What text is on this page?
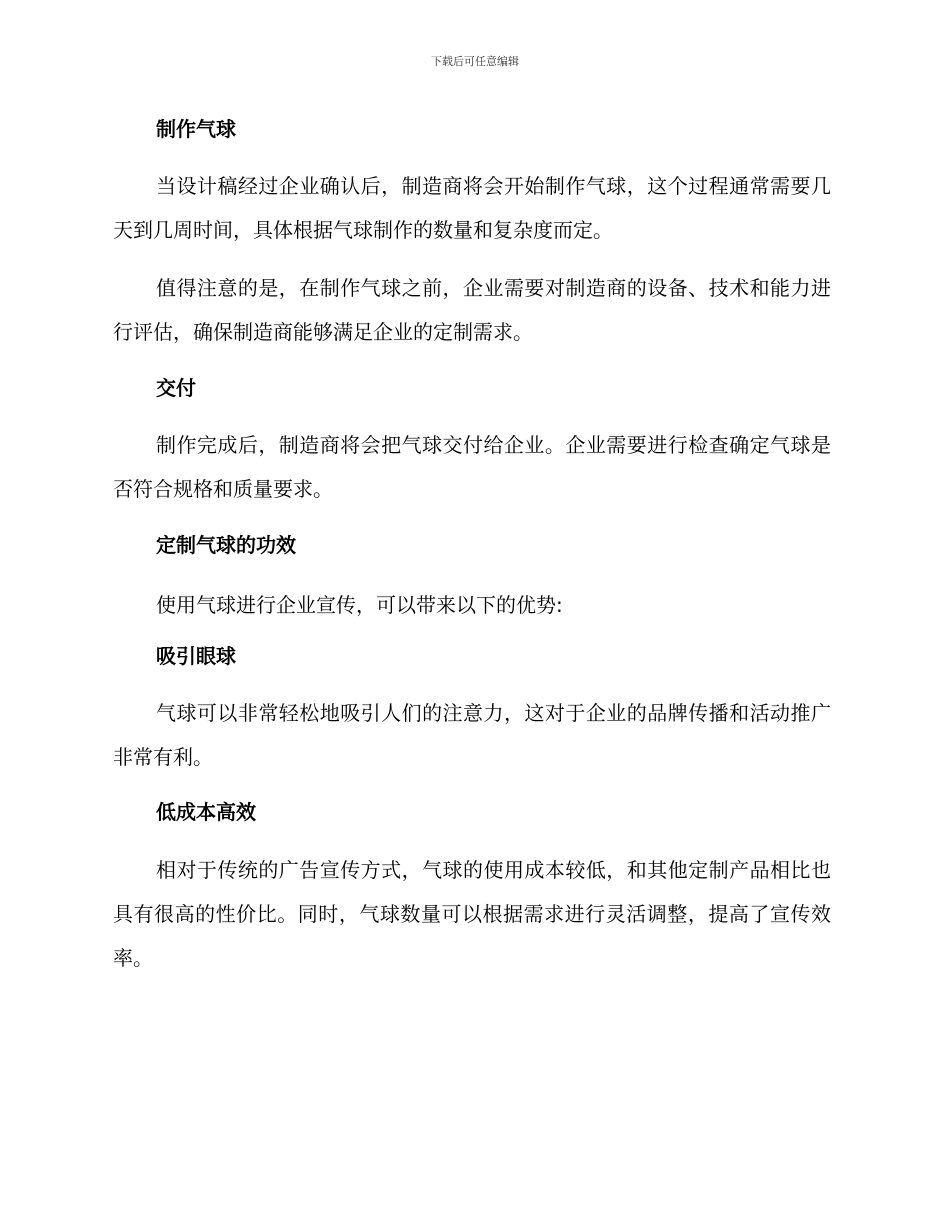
下载后可任意编辑
制作气球

当设计稿经过企业确认后，制造商将会开始制作气球，这个过程通常需要几天到几周时间，具体根据气球制作的数量和复杂度而定。

值得注意的是，在制作气球之前，企业需要对制造商的设备、技术和能力进行评估，确保制造商能够满足企业的定制需求。

交付

制作完成后，制造商将会把气球交付给企业。企业需要进行检查确定气球是否符合规格和质量要求。

定制气球的功效

使用气球进行企业宣传，可以带来以下的优势:

吸引眼球

气球可以非常轻松地吸引人们的注意力，这对于企业的品牌传播和活动推广非常有利。

低成本高效

相对于传统的广告宣传方式，气球的使用成本较低，和其他定制产品相比也具有很高的性价比。同时，气球数量可以根据需求进行灵活调整，提高了宣传效率。
